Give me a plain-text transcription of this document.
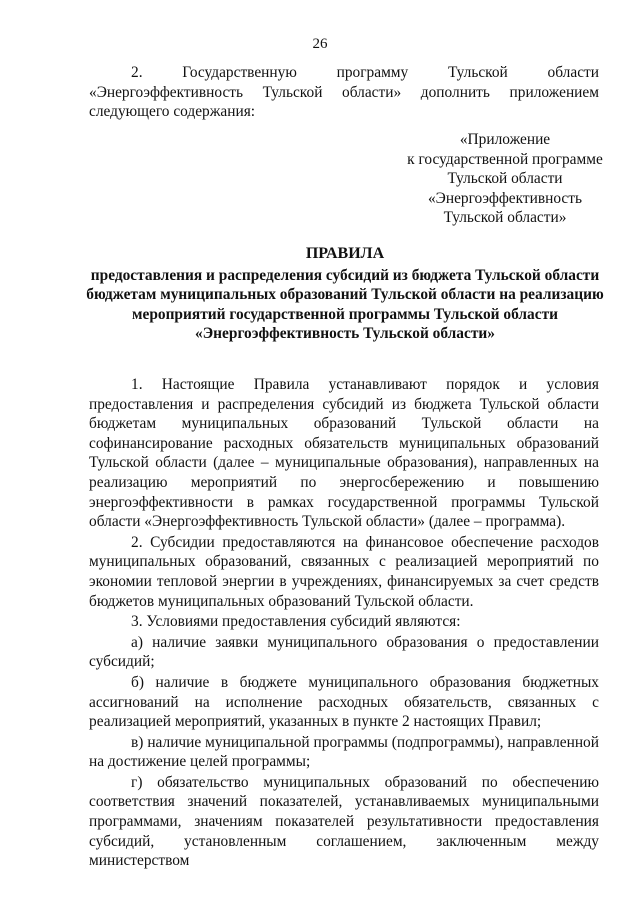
26

2. Государственную программу Тульской области «Энергоэффективность Тульской области» дополнить приложением следующего содержания:

«Приложение
к государственной программе
Тульской области
«Энергоэффективность
Тульской области»
ПРАВИЛА
предоставления и распределения субсидий из бюджета Тульской области бюджетам муниципальных образований Тульской области на реализацию мероприятий государственной программы Тульской области «Энергоэффективность Тульской области»

1. Настоящие Правила устанавливают порядок и условия предоставления и распределения субсидий из бюджета Тульской области бюджетам муниципальных образований Тульской области на софинансирование расходных обязательств муниципальных образований Тульской области (далее – муниципальные образования), направленных на реализацию мероприятий по энергосбережению и повышению энергоэффективности в рамках государственной программы Тульской области «Энергоэффективность Тульской области» (далее – программа).

2. Субсидии предоставляются на финансовое обеспечение расходов муниципальных образований, связанных с реализацией мероприятий по экономии тепловой энергии в учреждениях, финансируемых за счет средств бюджетов муниципальных образований Тульской области.

3. Условиями предоставления субсидий являются:

а) наличие заявки муниципального образования о предоставлении субсидий;

б) наличие в бюджете муниципального образования бюджетных ассигнований на исполнение расходных обязательств, связанных с реализацией мероприятий, указанных в пункте 2 настоящих Правил;

в) наличие муниципальной программы (подпрограммы), направленной на достижение целей программы;

г) обязательство муниципальных образований по обеспечению соответствия значений показателей, устанавливаемых муниципальными программами, значениям показателей результативности предоставления субсидий, установленным соглашением, заключенным между министерством
